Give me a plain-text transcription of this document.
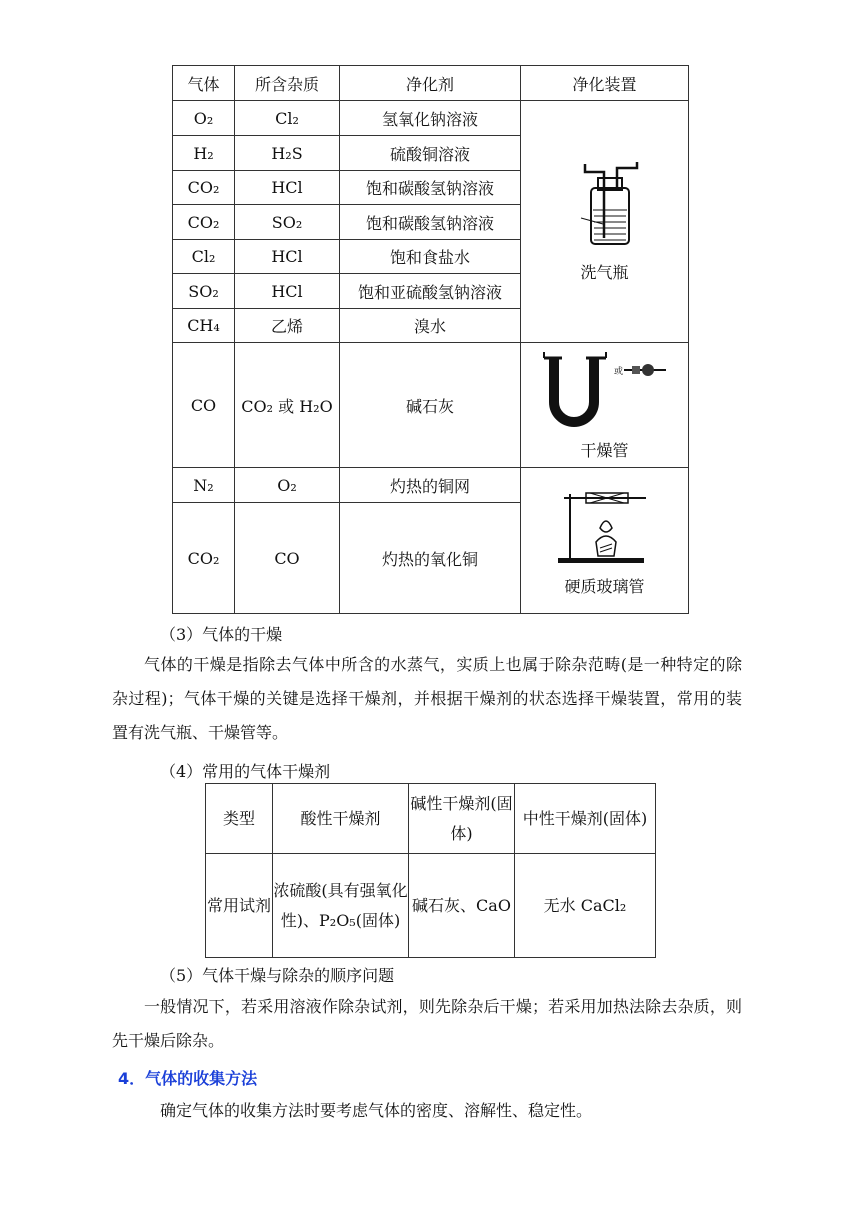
气体	所含杂质	净化剂	净化装置
O₂	Cl₂	氢氧化钠溶液	洗气瓶

H₂	H₂S	硫酸铜溶液	
CO₂	HCl	饱和碳酸氢钠溶液	
CO₂	SO₂	饱和碳酸氢钠溶液	
Cl₂	HCl	饱和食盐水	
SO₂	HCl	饱和亚硫酸氢钠溶液	
CH₄	乙烯	溴水	
CO	CO₂ 或 H₂O	碱石灰	或
干燥管

N₂	O₂	灼热的铜网	硬质玻璃管

CO₂	CO	灼热的氧化铜	
（3）气体的干燥
气体的干燥是指除去气体中所含的水蒸气，实质上也属于除杂范畴(是一种特定的除杂过程)；气体干燥的关键是选择干燥剂，并根据干燥剂的状态选择干燥装置，常用的装置有洗气瓶、干燥管等。
（4）常用的气体干燥剂
类型	酸性干燥剂	碱性干燥剂(固体)	中性干燥剂(固体)
常用试剂	浓硫酸(具有强氧化性)、P₂O₅(固体)	碱石灰、CaO	无水 CaCl₂
（5）气体干燥与除杂的顺序问题
一般情况下，若采用溶液作除杂试剂，则先除杂后干燥；若采用加热法除去杂质，则先干燥后除杂。
4．气体的收集方法
确定气体的收集方法时要考虑气体的密度、溶解性、稳定性。
